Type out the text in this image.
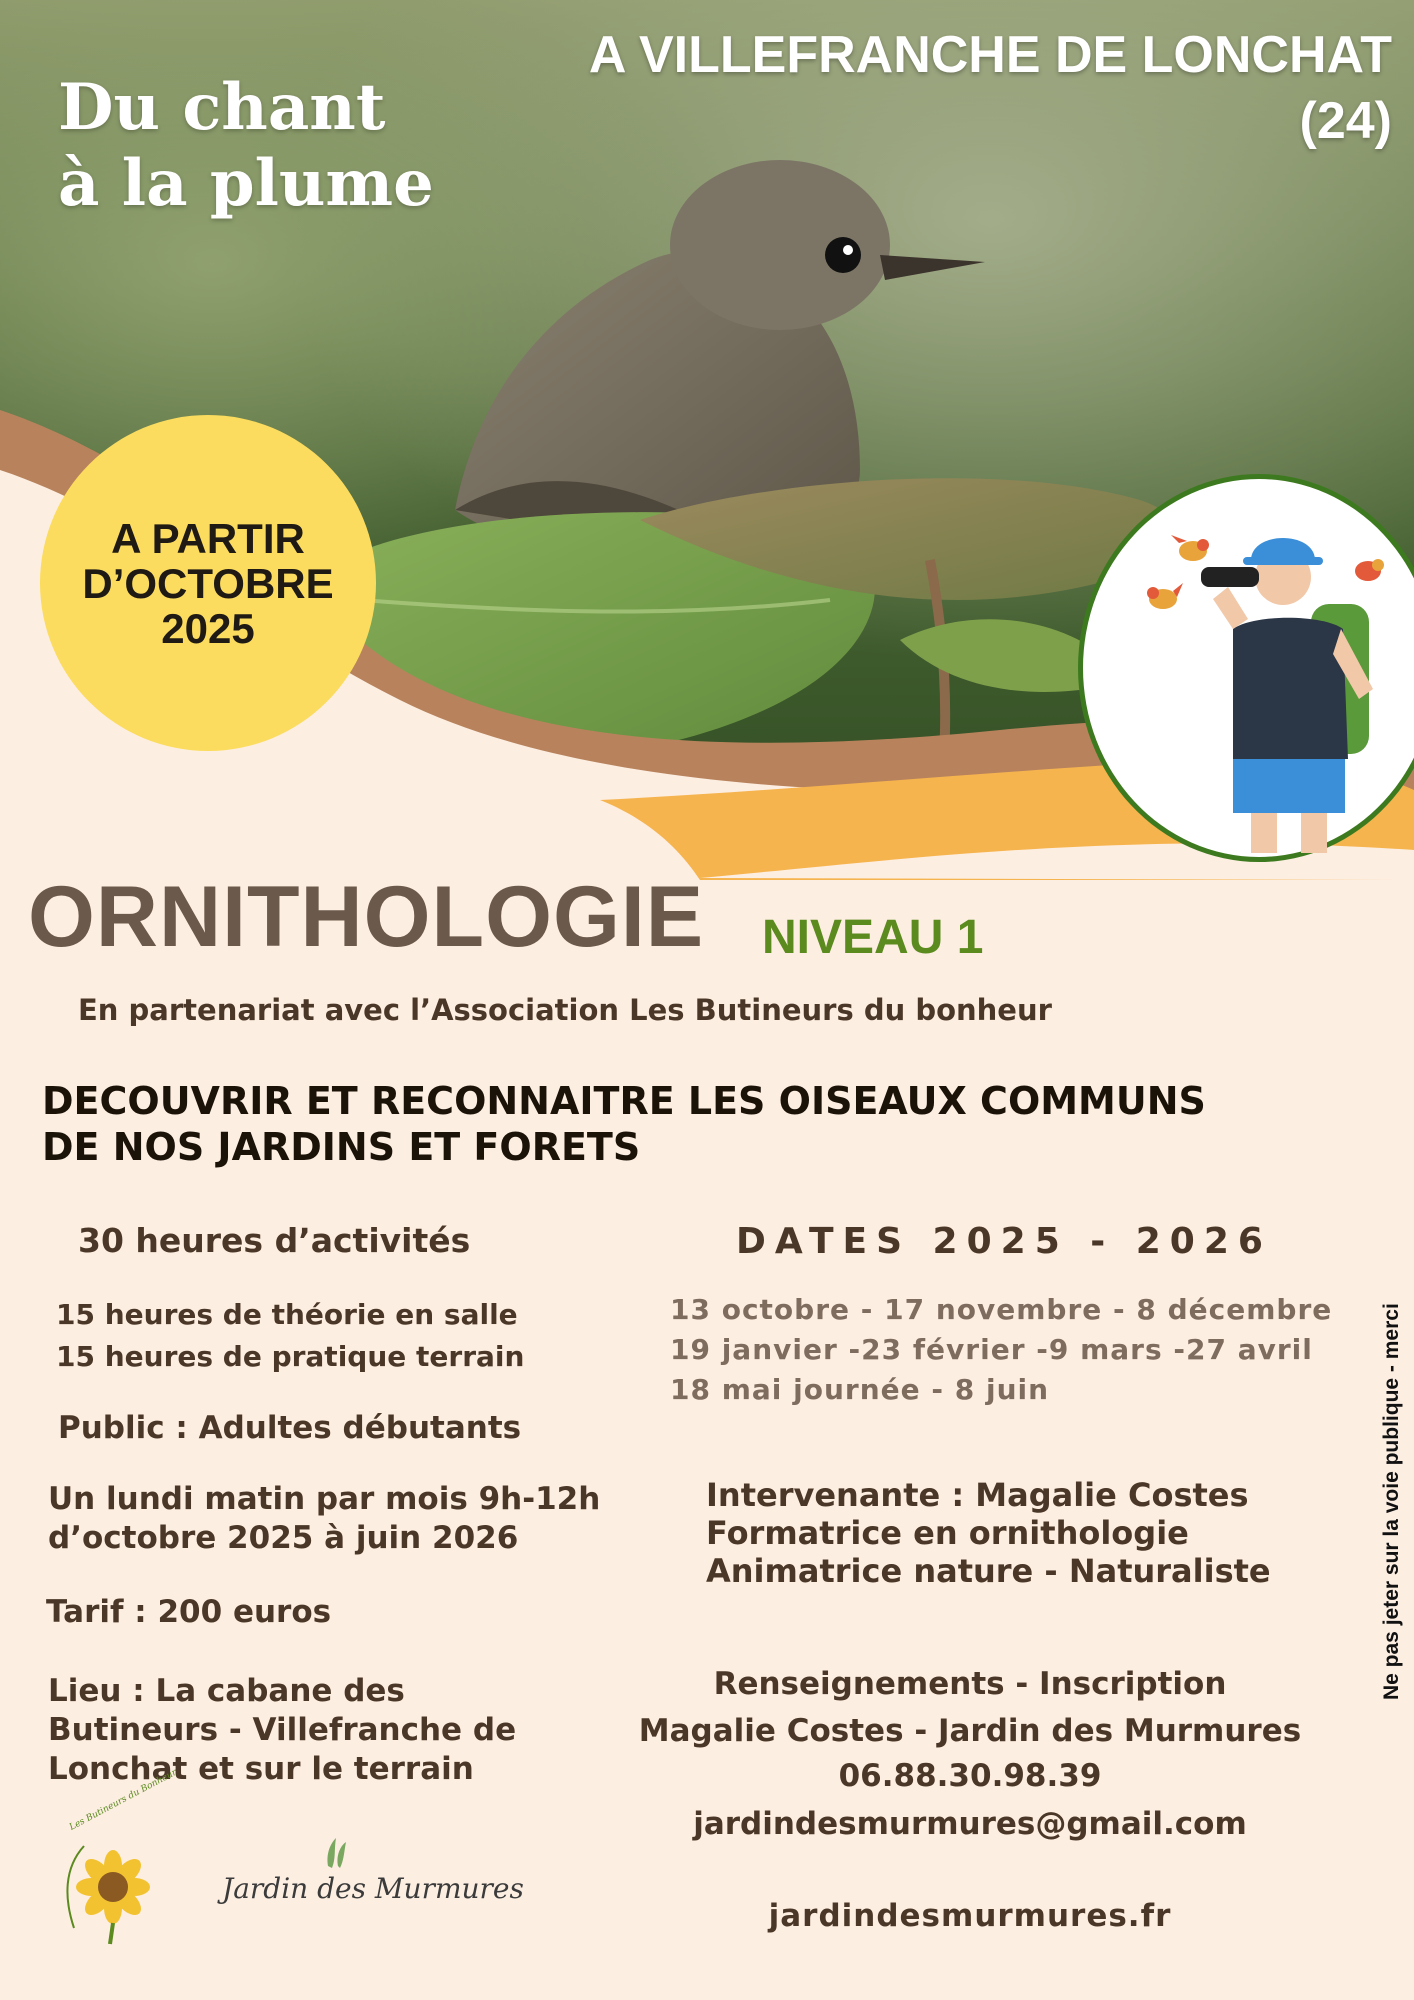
Du chant
à la plume
A VILLEFRANCHE DE LONCHAT
(24)
A PARTIR
D’OCTOBRE
2025
ORNITHOLOGIE NIVEAU 1
En partenariat avec l’Association Les Butineurs du bonheur
DECOUVRIR ET RECONNAITRE LES OISEAUX COMMUNS
DE NOS JARDINS ET FORETS
30 heures d’activités	DATES 2025 - 2026
15 heures de théorie en salle
15 heures de pratique terrain
13 octobre - 17 novembre - 8 décembre
19 janvier -23 février -9 mars -27 avril
18 mai journée - 8 juin
Public : Adultes débutants
Un lundi matin par mois 9h-12h
d’octobre 2025 à juin 2026
Tarif : 200 euros
Lieu : La cabane des
Butineurs - Villefranche de
Lonchat et sur le terrain
Intervenante : Magalie Costes
Formatrice en ornithologie
Animatrice nature - Naturaliste
Renseignements - Inscription
Magalie Costes - Jardin des Murmures
06.88.30.98.39
jardindesmurmures@gmail.com
jardindesmurmures.fr
Ne pas jeter sur la voie publique - merci
Les Butineurs du Bonheur
Jardin des Murmures
